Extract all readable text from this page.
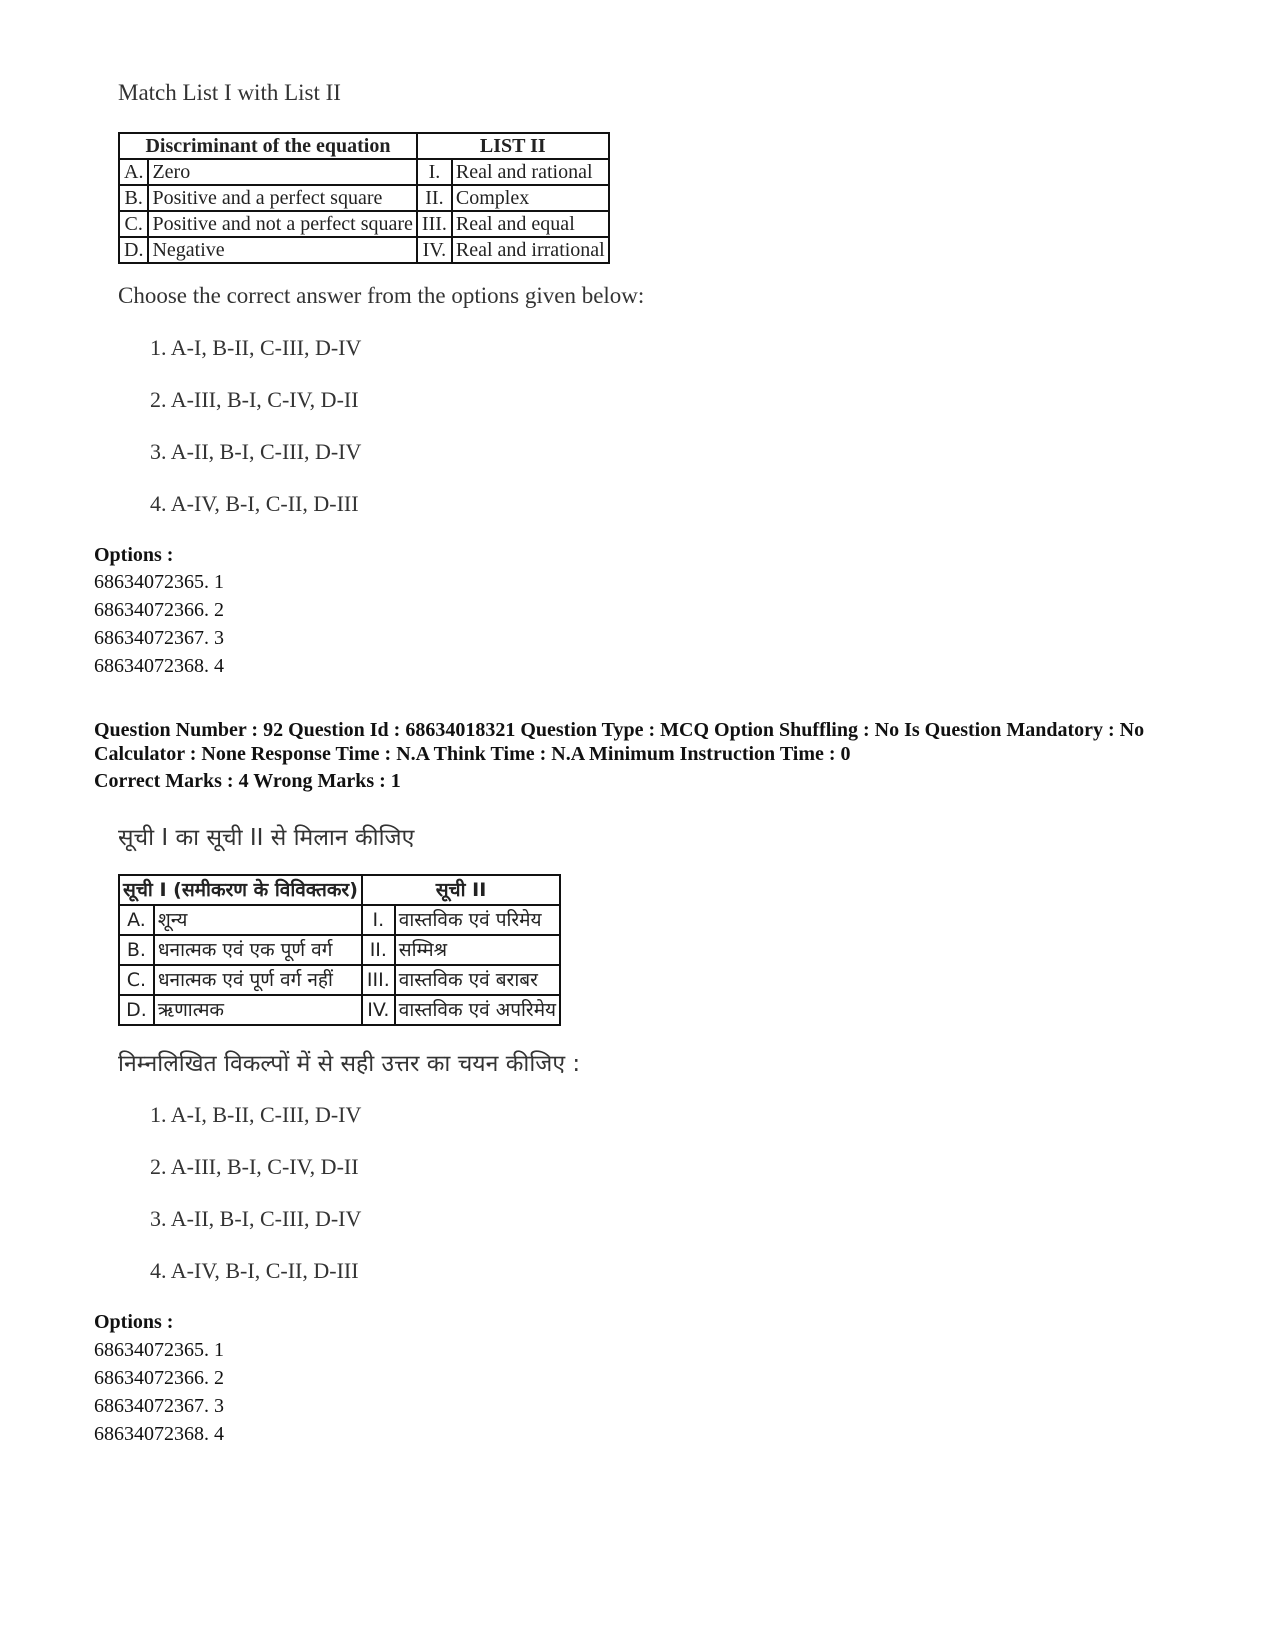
Match List I with List II
Discriminant of the equation		LIST II	
A.	Zero	I.	Real and rational
B.	Positive and a perfect square	II.	Complex
C.	Positive and not a perfect square	III.	Real and equal
D.	Negative	IV.	Real and irrational
Choose the correct answer from the options given below:
1. A-I, B-II, C-III, D-IV
2. A-III, B-I, C-IV, D-II
3. A-II, B-I, C-III, D-IV
4. A-IV, B-I, C-II, D-III
Options :
68634072365. 1
68634072366. 2
68634072367. 3
68634072368. 4
Question Number : 92 Question Id : 68634018321 Question Type : MCQ Option Shuffling : No Is Question Mandatory : No Calculator : None Response Time : N.A Think Time : N.A Minimum Instruction Time : 0
Correct Marks : 4 Wrong Marks : 1
सूची I का सूची II से मिलान कीजिए
सूची I (समीकरण के विविक्तकर)		सूची II	
A.	शून्य	I.	वास्तविक एवं परिमेय
B.	धनात्मक एवं एक पूर्ण वर्ग	II.	सम्मिश्र
C.	धनात्मक एवं पूर्ण वर्ग नहीं	III.	वास्तविक एवं बराबर
D.	ऋणात्मक	IV.	वास्तविक एवं अपरिमेय
निम्नलिखित विकल्पों में से सही उत्तर का चयन कीजिए :
1. A-I, B-II, C-III, D-IV
2. A-III, B-I, C-IV, D-II
3. A-II, B-I, C-III, D-IV
4. A-IV, B-I, C-II, D-III
Options :
68634072365. 1
68634072366. 2
68634072367. 3
68634072368. 4
